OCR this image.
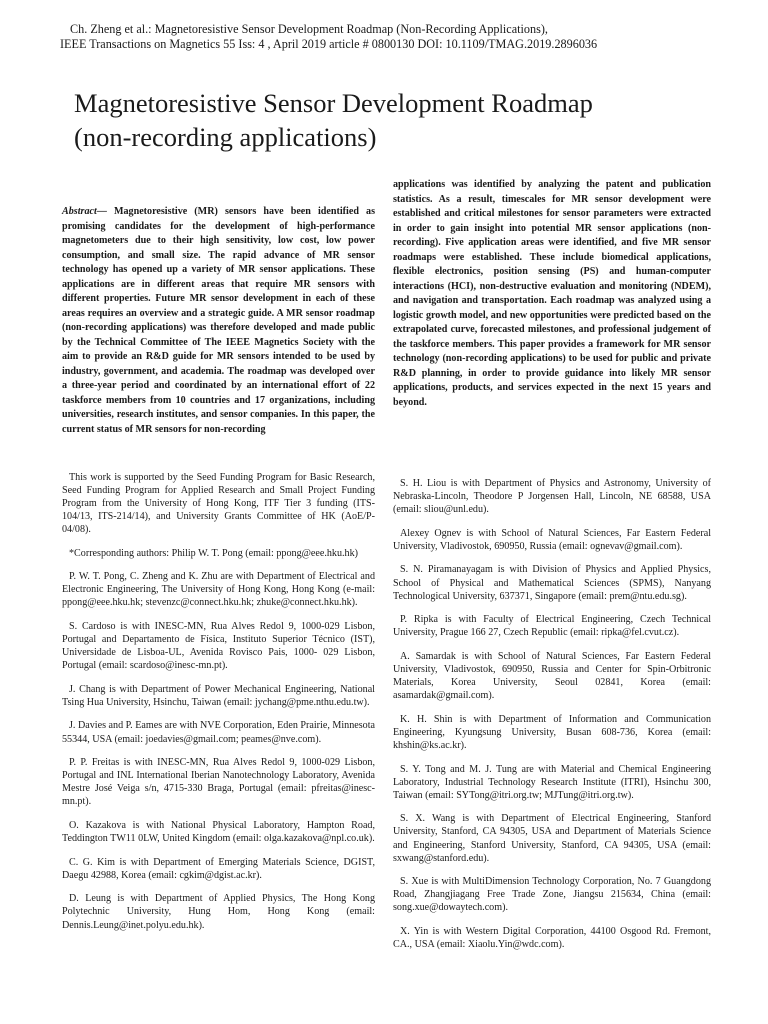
Ch. Zheng et al.: Magnetoresistive Sensor Development Roadmap (Non-Recording Applications),
IEEE Transactions on Magnetics 55 Iss: 4 , April 2019 article # 0800130 DOI: 10.1109/TMAG.2019.2896036
Magnetoresistive Sensor Development Roadmap
(non-recording applications)

Abstract— Magnetoresistive (MR) sensors have been identified as promising candidates for the development of high-performance magnetometers due to their high sensitivity, low cost, low power consumption, and small size. The rapid advance of MR sensor technology has opened up a variety of MR sensor applications. These applications are in different areas that require MR sensors with different properties. Future MR sensor development in each of these areas requires an overview and a strategic guide. A MR sensor roadmap (non-recording applications) was therefore developed and made public by the Technical Committee of The IEEE Magnetics Society with the aim to provide an R&D guide for MR sensors intended to be used by industry, government, and academia. The roadmap was developed over a three-year period and coordinated by an international effort of 22 taskforce members from 10 countries and 17 organizations, including universities, research institutes, and sensor companies. In this paper, the current status of MR sensors for non-recording

applications was identified by analyzing the patent and publication statistics. As a result, timescales for MR sensor development were established and critical milestones for sensor parameters were extracted in order to gain insight into potential MR sensor applications (non-recording). Five application areas were identified, and five MR sensor roadmaps were established. These include biomedical applications, flexible electronics, position sensing (PS) and human-computer interactions (HCI), non-destructive evaluation and monitoring (NDEM), and navigation and transportation. Each roadmap was analyzed using a logistic growth model, and new opportunities were predicted based on the extrapolated curve, forecasted milestones, and professional judgement of the taskforce members. This paper provides a framework for MR sensor technology (non-recording applications) to be used for public and private R&D planning, in order to provide guidance into likely MR sensor applications, products, and services expected in the next 15 years and beyond.

This work is supported by the Seed Funding Program for Basic Research, Seed Funding Program for Applied Research and Small Project Funding Program from the University of Hong Kong, ITF Tier 3 funding (ITS-104/13, ITS-214/14), and University Grants Committee of HK (AoE/P-04/08).

*Corresponding authors: Philip W. T. Pong (email: ppong@eee.hku.hk)

P. W. T. Pong, C. Zheng and K. Zhu are with Department of Electrical and Electronic Engineering, The University of Hong Kong, Hong Kong (e-mail: ppong@eee.hku.hk; stevenzc@connect.hku.hk; zhuke@connect.hku.hk).

S. Cardoso is with INESC-MN, Rua Alves Redol 9, 1000-029 Lisbon, Portugal and Departamento de Física, Instituto Superior Técnico (IST), Universidade de Lisboa-UL, Avenida Rovisco Pais, 1000- 029 Lisbon, Portugal (email: scardoso@inesc-mn.pt).

J. Chang is with Department of Power Mechanical Engineering, National Tsing Hua University, Hsinchu, Taiwan (email: jychang@pme.nthu.edu.tw).

J. Davies and P. Eames are with NVE Corporation, Eden Prairie, Minnesota 55344, USA (email: joedavies@gmail.com; peames@nve.com).

P. P. Freitas is with INESC-MN, Rua Alves Redol 9, 1000-029 Lisbon, Portugal and INL International Iberian Nanotechnology Laboratory, Avenida Mestre José Veiga s/n, 4715-330 Braga, Portugal (email: pfreitas@inesc-mn.pt).

O. Kazakova is with National Physical Laboratory, Hampton Road, Teddington TW11 0LW, United Kingdom (email: olga.kazakova@npl.co.uk).

C. G. Kim is with Department of Emerging Materials Science, DGIST, Daegu 42988, Korea (email: cgkim@dgist.ac.kr).

D. Leung is with Department of Applied Physics, The Hong Kong Polytechnic University, Hung Hom, Hong Kong (email: Dennis.Leung@inet.polyu.edu.hk).

S. H. Liou is with Department of Physics and Astronomy, University of Nebraska-Lincoln, Theodore P Jorgensen Hall, Lincoln, NE 68588, USA (email: sliou@unl.edu).

Alexey Ognev is with School of Natural Sciences, Far Eastern Federal University, Vladivostok, 690950, Russia (email: ognevav@gmail.com).

S. N. Piramanayagam is with Division of Physics and Applied Physics, School of Physical and Mathematical Sciences (SPMS), Nanyang Technological University, 637371, Singapore (email: prem@ntu.edu.sg).

P. Ripka is with Faculty of Electrical Engineering, Czech Technical University, Prague 166 27, Czech Republic (email: ripka@fel.cvut.cz).

A. Samardak is with School of Natural Sciences, Far Eastern Federal University, Vladivostok, 690950, Russia and Center for Spin-Orbitronic Materials, Korea University, Seoul 02841, Korea (email: asamardak@gmail.com).

K. H. Shin is with Department of Information and Communication Engineering, Kyungsung University, Busan 608-736, Korea (email: khshin@ks.ac.kr).

S. Y. Tong and M. J. Tung are with Material and Chemical Engineering Laboratory, Industrial Technology Research Institute (ITRI), Hsinchu 300, Taiwan (email: SYTong@itri.org.tw; MJTung@itri.org.tw).

S. X. Wang is with Department of Electrical Engineering, Stanford University, Stanford, CA 94305, USA and Department of Materials Science and Engineering, Stanford University, Stanford, CA 94305, USA (email: sxwang@stanford.edu).

S. Xue is with MultiDimension Technology Corporation, No. 7 Guangdong Road, Zhangjiagang Free Trade Zone, Jiangsu 215634, China (email: song.xue@dowaytech.com).

X. Yin is with Western Digital Corporation, 44100 Osgood Rd. Fremont, CA., USA (email: Xiaolu.Yin@wdc.com).
